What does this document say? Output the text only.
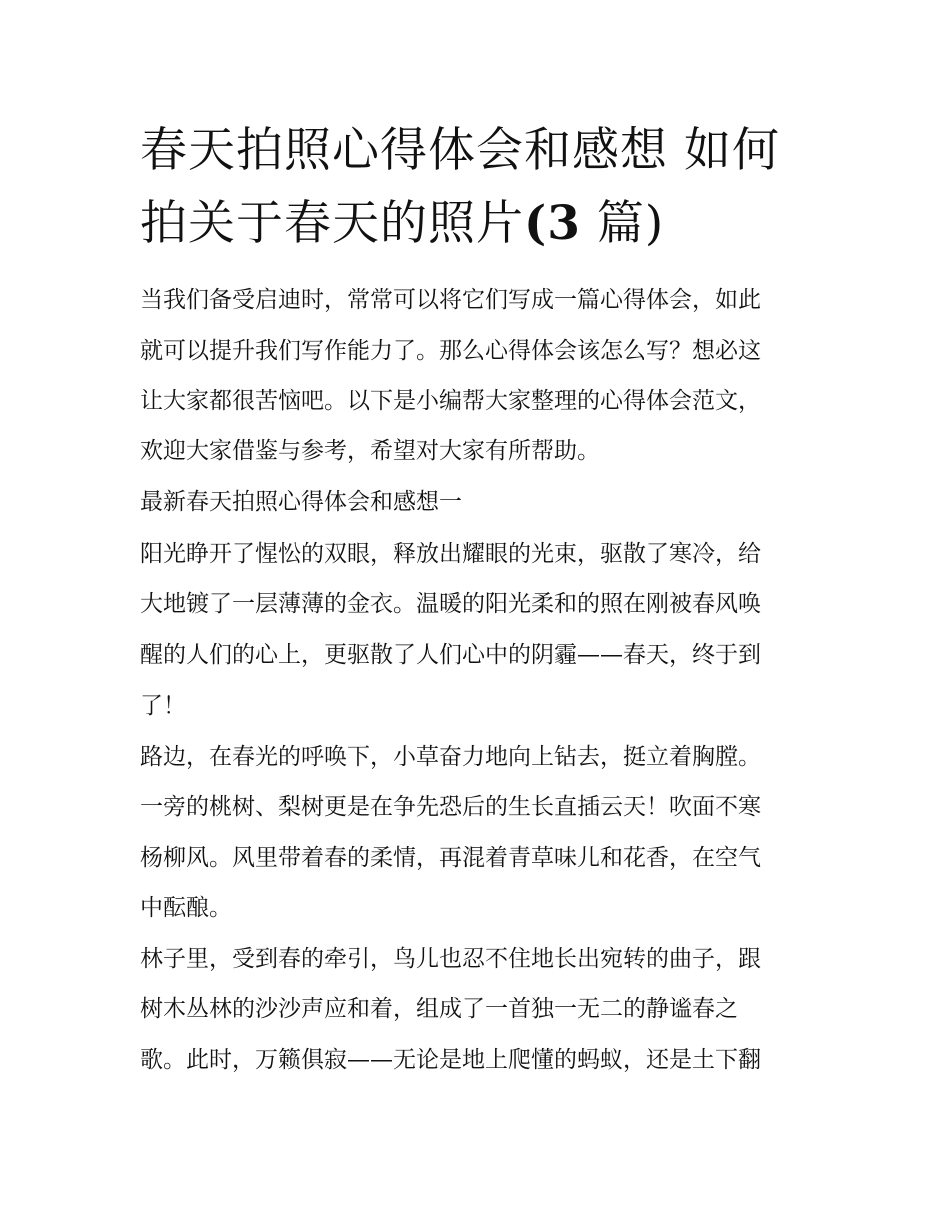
春天拍照心得体会和感想 如何
拍关于春天的照片(3 篇)

当我们备受启迪时，常常可以将它们写成一篇心得体会，如此

就可以提升我们写作能力了。那么心得体会该怎么写？想必这

让大家都很苦恼吧。以下是小编帮大家整理的心得体会范文，

欢迎大家借鉴与参考，希望对大家有所帮助。

最新春天拍照心得体会和感想一

阳光睁开了惺忪的双眼，释放出耀眼的光束，驱散了寒冷，给

大地镀了一层薄薄的金衣。温暖的阳光柔和的照在刚被春风唤

醒的人们的心上，更驱散了人们心中的阴霾——春天，终于到

了！

路边，在春光的呼唤下，小草奋力地向上钻去，挺立着胸膛。

一旁的桃树、梨树更是在争先恐后的生长直插云天！吹面不寒

杨柳风。风里带着春的柔情，再混着青草味儿和花香，在空气

中酝酿。

林子里，受到春的牵引，鸟儿也忍不住地长出宛转的曲子，跟

树木丛林的沙沙声应和着，组成了一首独一无二的静谧春之

歌。此时，万籁俱寂——无论是地上爬懂的蚂蚁，还是土下翻
